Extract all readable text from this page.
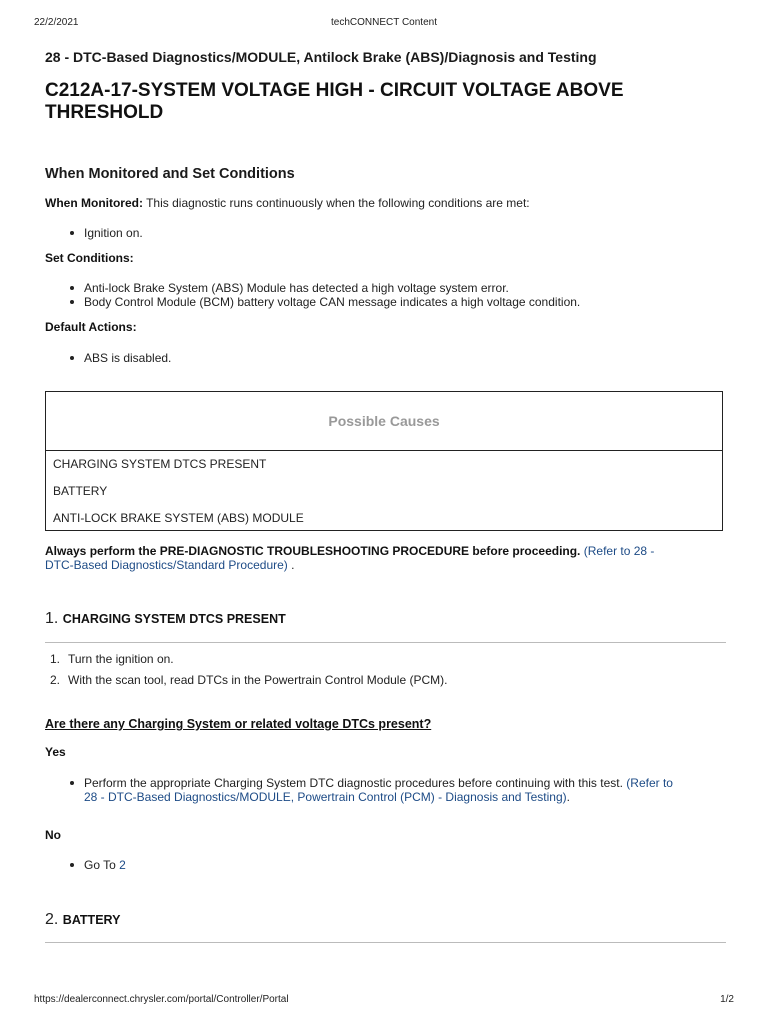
22/2/2021	techCONNECT Content
28 - DTC-Based Diagnostics/MODULE, Antilock Brake (ABS)/Diagnosis and Testing
C212A-17-SYSTEM VOLTAGE HIGH - CIRCUIT VOLTAGE ABOVE THRESHOLD
When Monitored and Set Conditions
When Monitored: This diagnostic runs continuously when the following conditions are met:
Ignition on.
Set Conditions:
Anti-lock Brake System (ABS) Module has detected a high voltage system error.
Body Control Module (BCM) battery voltage CAN message indicates a high voltage condition.
Default Actions:
ABS is disabled.
Possible Causes
CHARGING SYSTEM DTCS PRESENT
BATTERY
ANTI-LOCK BRAKE SYSTEM (ABS) MODULE
Always perform the PRE-DIAGNOSTIC TROUBLESHOOTING PROCEDURE before proceeding. (Refer to 28 -
DTC-Based Diagnostics/Standard Procedure) .
1. CHARGING SYSTEM DTCS PRESENT
1. Turn the ignition on.
2. With the scan tool, read DTCs in the Powertrain Control Module (PCM).
Are there any Charging System or related voltage DTCs present?
Yes
Perform the appropriate Charging System DTC diagnostic procedures before continuing with this test. (Refer to
28 - DTC-Based Diagnostics/MODULE, Powertrain Control (PCM) - Diagnosis and Testing).
No
Go To 2
2. BATTERY
https://dealerconnect.chrysler.com/portal/Controller/Portal	1/2
